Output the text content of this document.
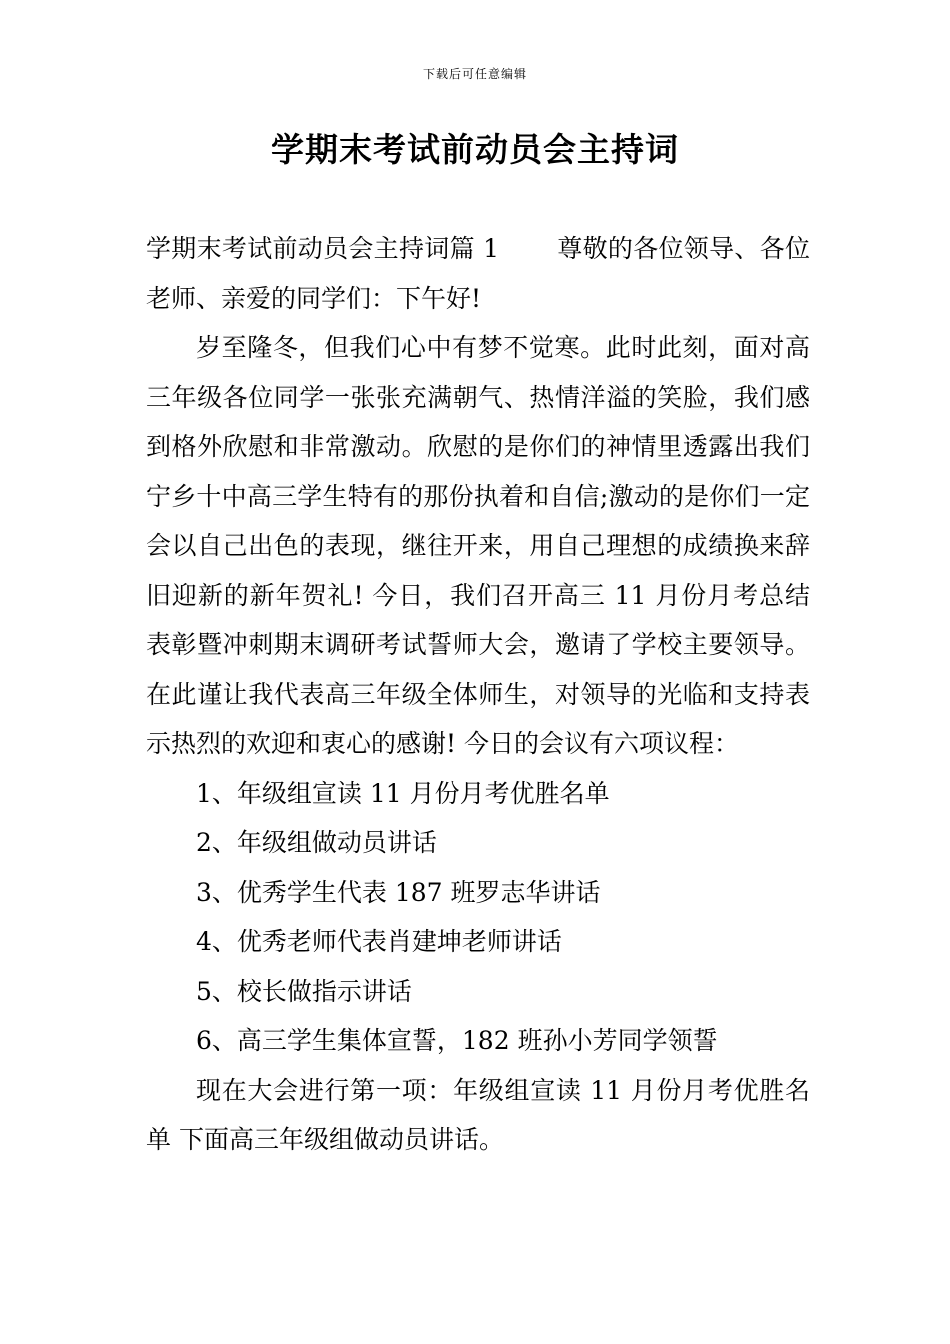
下载后可任意编辑
学期末考试前动员会主持词

学期末考试前动员会主持词篇 1 尊敬的各位领导、各位老师、亲爱的同学们：下午好!

岁至隆冬，但我们心中有梦不觉寒。此时此刻，面对高三年级各位同学一张张充满朝气、热情洋溢的笑脸，我们感到格外欣慰和非常激动。欣慰的是你们的神情里透露出我们宁乡十中高三学生特有的那份执着和自信;激动的是你们一定会以自己出色的表现，继往开来，用自己理想的成绩换来辞旧迎新的新年贺礼! 今日，我们召开高三 11 月份月考总结表彰暨冲刺期末调研考试誓师大会，邀请了学校主要领导。在此谨让我代表高三年级全体师生，对领导的光临和支持表示热烈的欢迎和衷心的感谢! 今日的会议有六项议程：

1、年级组宣读 11 月份月考优胜名单

2、年级组做动员讲话

3、优秀学生代表 187 班罗志华讲话

4、优秀老师代表肖建坤老师讲话

5、校长做指示讲话

6、高三学生集体宣誓，182 班孙小芳同学领誓

现在大会进行第一项：年级组宣读 11 月份月考优胜名单 下面高三年级组做动员讲话。
